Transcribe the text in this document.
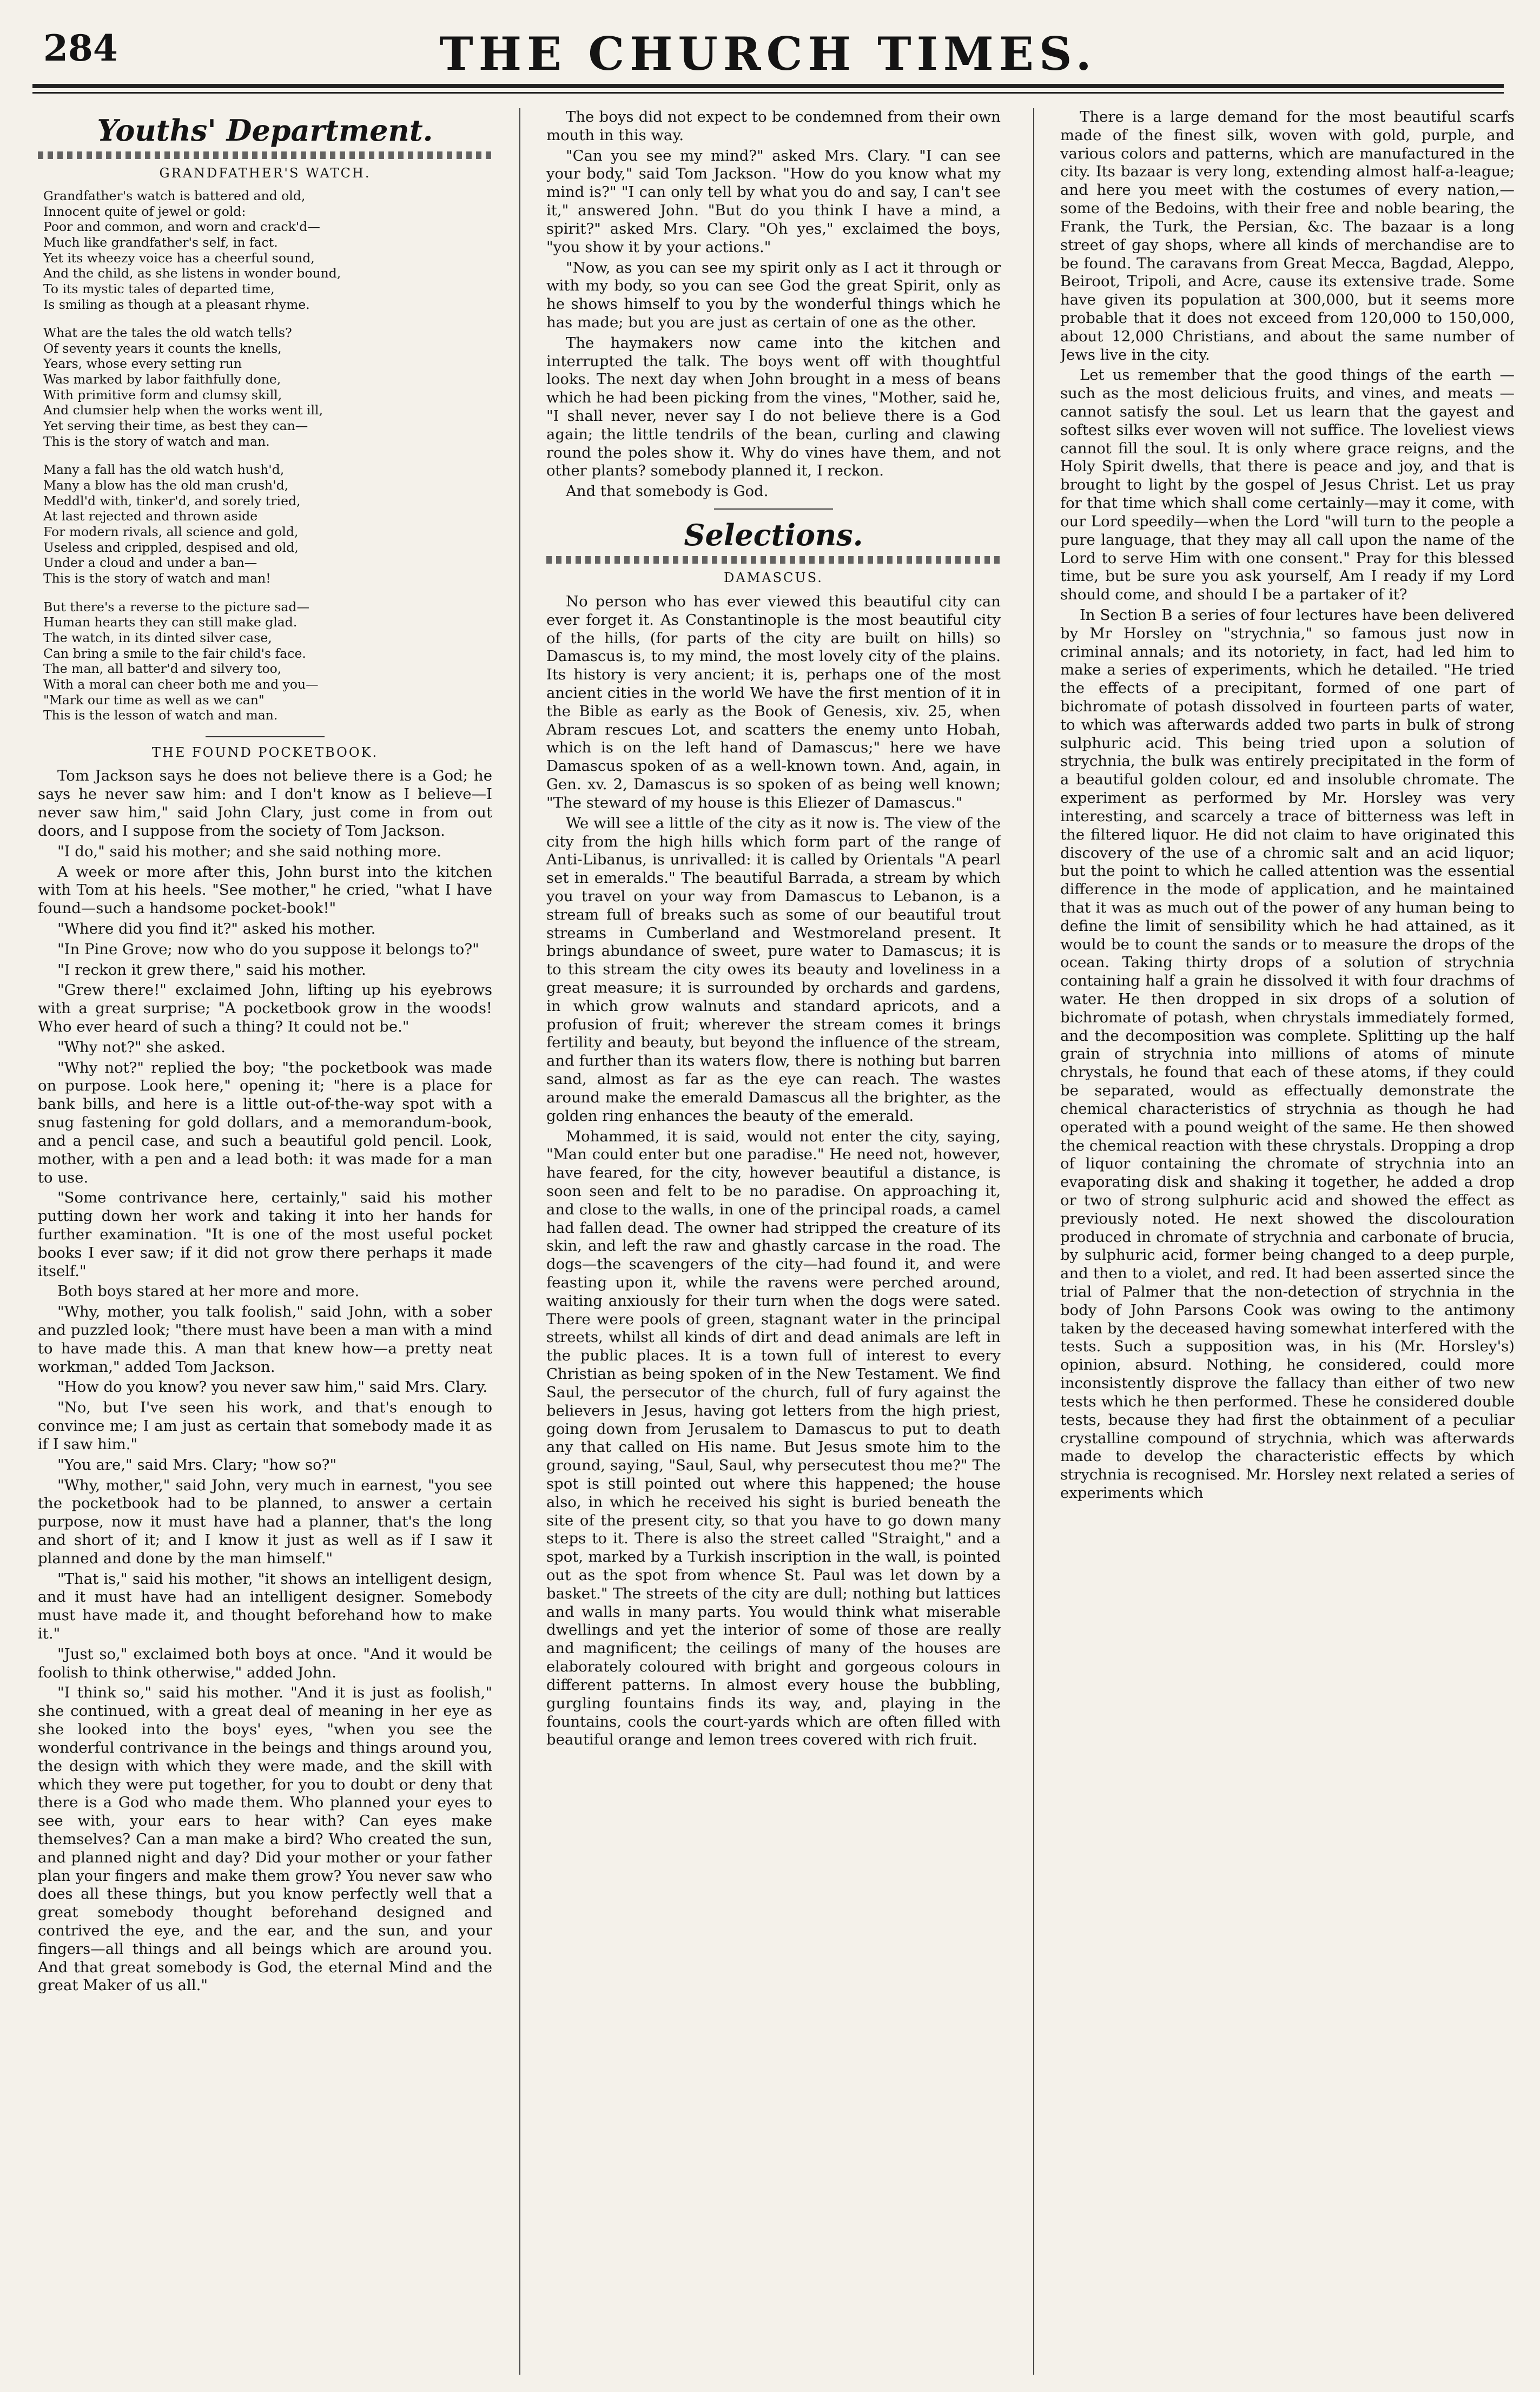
284	THE CHURCH TIMES.
Youths' Department.
GRANDFATHER'S WATCH.
Grandfather's watch is battered and old,
Innocent quite of jewel or gold:
Poor and common, and worn and crack'd—
Much like grandfather's self, in fact.
Yet its wheezy voice has a cheerful sound,
And the child, as she listens in wonder bound,
To its mystic tales of departed time,
Is smiling as though at a pleasant rhyme.
What are the tales the old watch tells?
Of seventy years it counts the knells,
Years, whose every setting run
Was marked by labor faithfully done,
With primitive form and clumsy skill,
And clumsier help when the works went ill,
Yet serving their time, as best they can—
This is the story of watch and man.
Many a fall has the old watch hush'd,
Many a blow has the old man crush'd,
Meddl'd with, tinker'd, and sorely tried,
At last rejected and thrown aside
For modern rivals, all science and gold,
Useless and crippled, despised and old,
Under a cloud and under a ban—
This is the story of watch and man!
But there's a reverse to the picture sad—
Human hearts they can still make glad.
The watch, in its dinted silver case,
Can bring a smile to the fair child's face.
The man, all batter'd and silvery too,
With a moral can cheer both me and you—
"Mark our time as well as we can"
This is the lesson of watch and man.
THE FOUND POCKETBOOK.

Tom Jackson says he does not believe there is a God; he says he never saw him: and I don't know as I believe—I never saw him," said John Clary, just come in from out doors, and I suppose from the society of Tom Jackson.

"I do," said his mother; and she said nothing more.

A week or more after this, John burst into the kitchen with Tom at his heels. "See mother," he cried, "what I have found—such a handsome pocket-book!"

"Where did you find it?" asked his mother.

"In Pine Grove; now who do you suppose it belongs to?"

"I reckon it grew there," said his mother.

"Grew there!" exclaimed John, lifting up his eyebrows with a great surprise; "A pocketbook grow in the woods! Who ever heard of such a thing? It could not be."

"Why not?" she asked.

"Why not?" replied the boy; "the pocketbook was made on purpose. Look here," opening it; "here is a place for bank bills, and here is a little out-of-the-way spot with a snug fastening for gold dollars, and a memorandum-book, and a pencil case, and such a beautiful gold pencil. Look, mother, with a pen and a lead both: it was made for a man to use.

"Some contrivance here, certainly," said his mother putting down her work and taking it into her hands for further examination. "It is one of the most useful pocket books I ever saw; if it did not grow there perhaps it made itself."

Both boys stared at her more and more.

"Why, mother, you talk foolish," said John, with a sober and puzzled look; "there must have been a man with a mind to have made this. A man that knew how—a pretty neat workman," added Tom Jackson.

"How do you know? you never saw him," said Mrs. Clary.

"No, but I've seen his work, and that's enough to convince me; I am just as certain that somebody made it as if I saw him."

"You are," said Mrs. Clary; "how so?"

"Why, mother," said John, very much in earnest, "you see the pocketbook had to be planned, to answer a certain purpose, now it must have had a planner, that's the long and short of it; and I know it just as well as if I saw it planned and done by the man himself."

"That is," said his mother, "it shows an intelligent design, and it must have had an intelligent designer. Somebody must have made it, and thought beforehand how to make it."

"Just so," exclaimed both boys at once. "And it would be foolish to think otherwise," added John.

"I think so," said his mother. "And it is just as foolish," she continued, with a great deal of meaning in her eye as she looked into the boys' eyes, "when you see the wonderful contrivance in the beings and things around you, the design with which they were made, and the skill with which they were put together, for you to doubt or deny that there is a God who made them. Who planned your eyes to see with, your ears to hear with? Can eyes make themselves? Can a man make a bird? Who created the sun, and planned night and day? Did your mother or your father plan your fingers and make them grow? You never saw who does all these things, but you know perfectly well that a great somebody thought beforehand designed and contrived the eye, and the ear, and the sun, and your fingers—all things and all beings which are around you. And that great somebody is God, the eternal Mind and the great Maker of us all."

The boys did not expect to be condemned from their own mouth in this way.

"Can you see my mind?" asked Mrs. Clary. "I can see your body," said Tom Jackson. "How do you know what my mind is?" "I can only tell by what you do and say, I can't see it," answered John. "But do you think I have a mind, a spirit?" asked Mrs. Clary. "Oh yes," exclaimed the boys, "you show it by your actions."

"Now, as you can see my spirit only as I act it through or with my body, so you can see God the great Spirit, only as he shows himself to you by the wonderful things which he has made; but you are just as certain of one as the other.

The haymakers now came into the kitchen and interrupted the talk. The boys went off with thoughtful looks. The next day when John brought in a mess of beans which he had been picking from the vines, "Mother, said he, "I shall never, never say I do not believe there is a God again; the little tendrils of the bean, curling and clawing round the poles show it. Why do vines have them, and not other plants? somebody planned it, I reckon.

And that somebody is God.

Selections.
DAMASCUS.

No person who has ever viewed this beautiful city can ever forget it. As Constantinople is the most beautiful city of the hills, (for parts of the city are built on hills) so Damascus is, to my mind, the most lovely city of the plains. Its history is very ancient; it is, perhaps one of the most ancient cities in the world We have the first mention of it in the Bible as early as the Book of Genesis, xiv. 25, when Abram rescues Lot, and scatters the enemy unto Hobah, which is on the left hand of Damascus;" here we have Damascus spoken of as a well-known town. And, again, in Gen. xv. 2, Damascus is so spoken of as being well known; "The steward of my house is this Eliezer of Damascus."

We will see a little of the city as it now is. The view of the city from the high hills which form part of the range of Anti-Libanus, is unrivalled: it is called by Orientals "A pearl set in emeralds." The beautiful Barrada, a stream by which you travel on your way from Damascus to Lebanon, is a stream full of breaks such as some of our beautiful trout streams in Cumberland and Westmoreland present. It brings abundance of sweet, pure water to Damascus; it is to this stream the city owes its beauty and loveliness in a great measure; it is surrounded by orchards and gardens, in which grow walnuts and standard apricots, and a profusion of fruit; wherever the stream comes it brings fertility and beauty, but beyond the influence of the stream, and further than its waters flow, there is nothing but barren sand, almost as far as the eye can reach. The wastes around make the emerald Damascus all the brighter, as the golden ring enhances the beauty of the emerald.

Mohammed, it is said, would not enter the city, saying, "Man could enter but one paradise." He need not, however, have feared, for the city, however beautiful a distance, is soon seen and felt to be no paradise. On approaching it, and close to the walls, in one of the principal roads, a camel had fallen dead. The owner had stripped the creature of its skin, and left the raw and ghastly carcase in the road. The dogs—the scavengers of the city—had found it, and were feasting upon it, while the ravens were perched around, waiting anxiously for their turn when the dogs were sated. There were pools of green, stagnant water in the principal streets, whilst all kinds of dirt and dead animals are left in the public places. It is a town full of interest to every Christian as being spoken of in the New Testament. We find Saul, the persecutor of the church, full of fury against the believers in Jesus, having got letters from the high priest, going down from Jerusalem to Damascus to put to death any that called on His name. But Jesus smote him to the ground, saying, "Saul, Saul, why persecutest thou me?" The spot is still pointed out where this happened; the house also, in which he received his sight is buried beneath the site of the present city, so that you have to go down many steps to it. There is also the street called "Straight," and a spot, marked by a Turkish inscription in the wall, is pointed out as the spot from whence St. Paul was let down by a basket." The streets of the city are dull; nothing but lattices and walls in many parts. You would think what miserable dwellings and yet the interior of some of those are really and magnificent; the ceilings of many of the houses are elaborately coloured with bright and gorgeous colours in different patterns. In almost every house the bubbling, gurgling fountains finds its way, and, playing in the fountains, cools the court-yards which are often filled with beautiful orange and lemon trees covered with rich fruit.

There is a large demand for the most beautiful scarfs made of the finest silk, woven with gold, purple, and various colors and patterns, which are manufactured in the city. Its bazaar is very long, extending almost half-a-league; and here you meet with the costumes of every nation,—some of the Bedoins, with their free and noble bearing, the Frank, the Turk, the Persian, &c. The bazaar is a long street of gay shops, where all kinds of merchandise are to be found. The caravans from Great Mecca, Bagdad, Aleppo, Beiroot, Tripoli, and Acre, cause its extensive trade. Some have given its population at 300,000, but it seems more probable that it does not exceed from 120,000 to 150,000, about 12,000 Christians, and about the same number of Jews live in the city.

Let us remember that the good things of the earth —such as the most delicious fruits, and vines, and meats —cannot satisfy the soul. Let us learn that the gayest and softest silks ever woven will not suffice. The loveliest views cannot fill the soul. It is only where grace reigns, and the Holy Spirit dwells, that there is peace and joy, and that is brought to light by the gospel of Jesus Christ. Let us pray for that time which shall come certainly—may it come, with our Lord speedily—when the Lord "will turn to the people a pure language, that they may all call upon the name of the Lord to serve Him with one consent." Pray for this blessed time, but be sure you ask yourself, Am I ready if my Lord should come, and should I be a partaker of it?

In Section B a series of four lectures have been delivered by Mr Horsley on "strychnia," so famous just now in criminal annals; and its notoriety, in fact, had led him to make a series of experiments, which he detailed. "He tried the effects of a precipitant, formed of one part of bichromate of potash dissolved in fourteen parts of water, to which was afterwards added two parts in bulk of strong sulphuric acid. This being tried upon a solution of strychnia, the bulk was entirely precipitated in the form of a beautiful golden colour, ed and insoluble chromate. The experiment as performed by Mr. Horsley was very interesting, and scarcely a trace of bitterness was left in the filtered liquor. He did not claim to have originated this discovery of the use of a chromic salt and an acid liquor; but the point to which he called attention was the essential difference in the mode of application, and he maintained that it was as much out of the power of any human being to define the limit of sensibility which he had attained, as it would be to count the sands or to measure the drops of the ocean. Taking thirty drops of a solution of strychnia containing half a grain he dissolved it with four drachms of water. He then dropped in six drops of a solution of bichromate of potash, when chrystals immediately formed, and the decomposition was complete. Splitting up the half grain of strychnia into millions of atoms of minute chrystals, he found that each of these atoms, if they could be separated, would as effectually demonstrate the chemical characteristics of strychnia as though he had operated with a pound weight of the same. He then showed the chemical reaction with these chrystals. Dropping a drop of liquor containing the chromate of strychnia into an evaporating disk and shaking it together, he added a drop or two of strong sulphuric acid and showed the effect as previously noted. He next showed the discolouration produced in chromate of strychnia and carbonate of brucia, by sulphuric acid, former being changed to a deep purple, and then to a violet, and red. It had been asserted since the trial of Palmer that the non-detection of strychnia in the body of John Parsons Cook was owing to the antimony taken by the deceased having somewhat interfered with the tests. Such a supposition was, in his (Mr. Horsley's) opinion, absurd. Nothing, he considered, could more inconsistently disprove the fallacy than either of two new tests which he then performed. These he considered double tests, because they had first the obtainment of a peculiar crystalline compound of strychnia, which was afterwards made to develop the characteristic effects by which strychnia is recognised. Mr. Horsley next related a series of experiments which
